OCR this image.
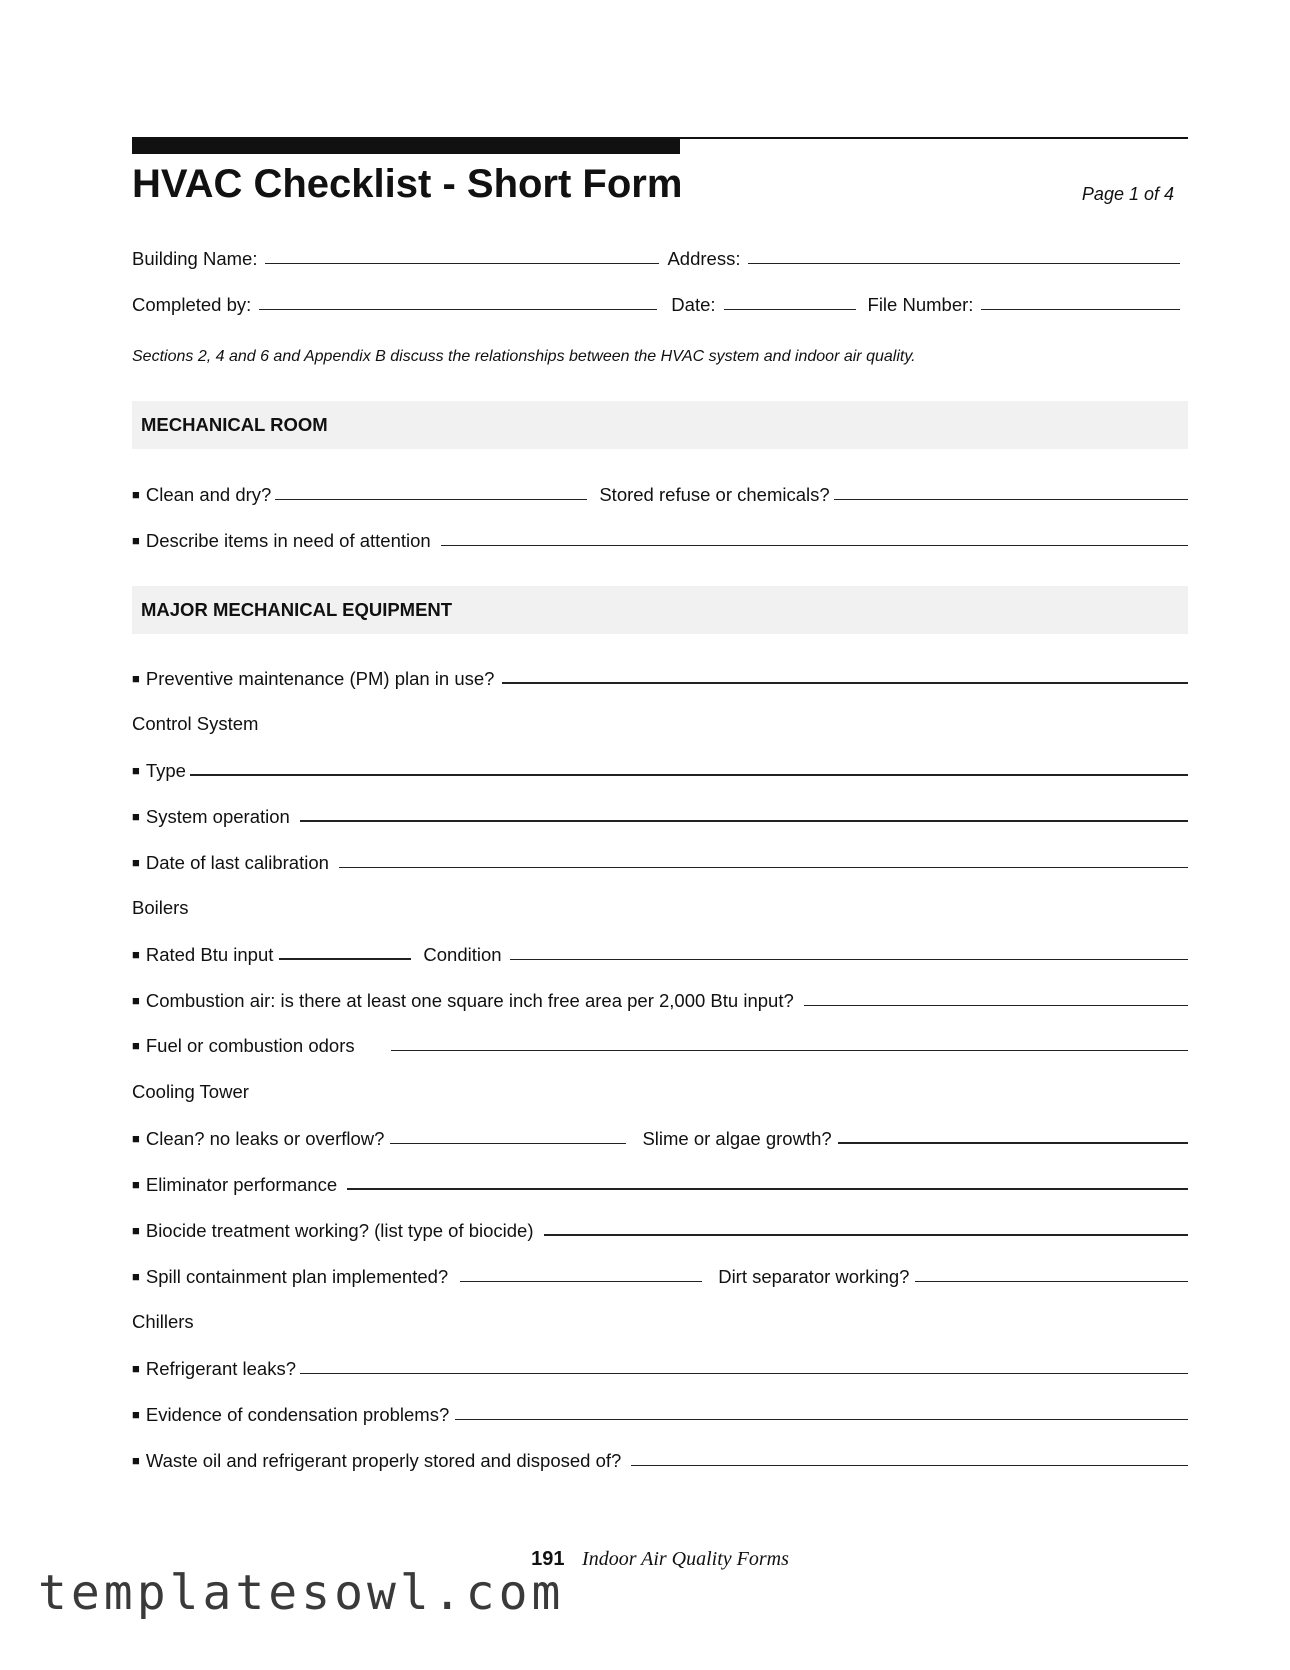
HVAC Checklist - Short Form	Page 1 of 4
Building Name:	Address:
Completed by:	Date:	File Number:
Sections 2, 4 and 6 and Appendix B discuss the relationships between the HVAC system and indoor air quality.
MECHANICAL ROOM
■ Clean and dry?	Stored refuse or chemicals?
■ Describe items in need of attention
MAJOR MECHANICAL EQUIPMENT
■ Preventive maintenance (PM) plan in use?
Control System
■ Type
■ System operation
■ Date of last calibration
Boilers
■ Rated Btu input	Condition
■ Combustion air: is there at least one square inch free area per 2,000 Btu input?
■ Fuel or combustion odors
Cooling Tower
■ Clean? no leaks or overflow?	Slime or algae growth?
■ Eliminator performance
■ Biocide treatment working? (list type of biocide)
■ Spill containment plan implemented?	Dirt separator working?
Chillers
■ Refrigerant leaks?
■ Evidence of condensation problems?
■ Waste oil and refrigerant properly stored and disposed of?
191 Indoor Air Quality Forms
templatesowl.com
